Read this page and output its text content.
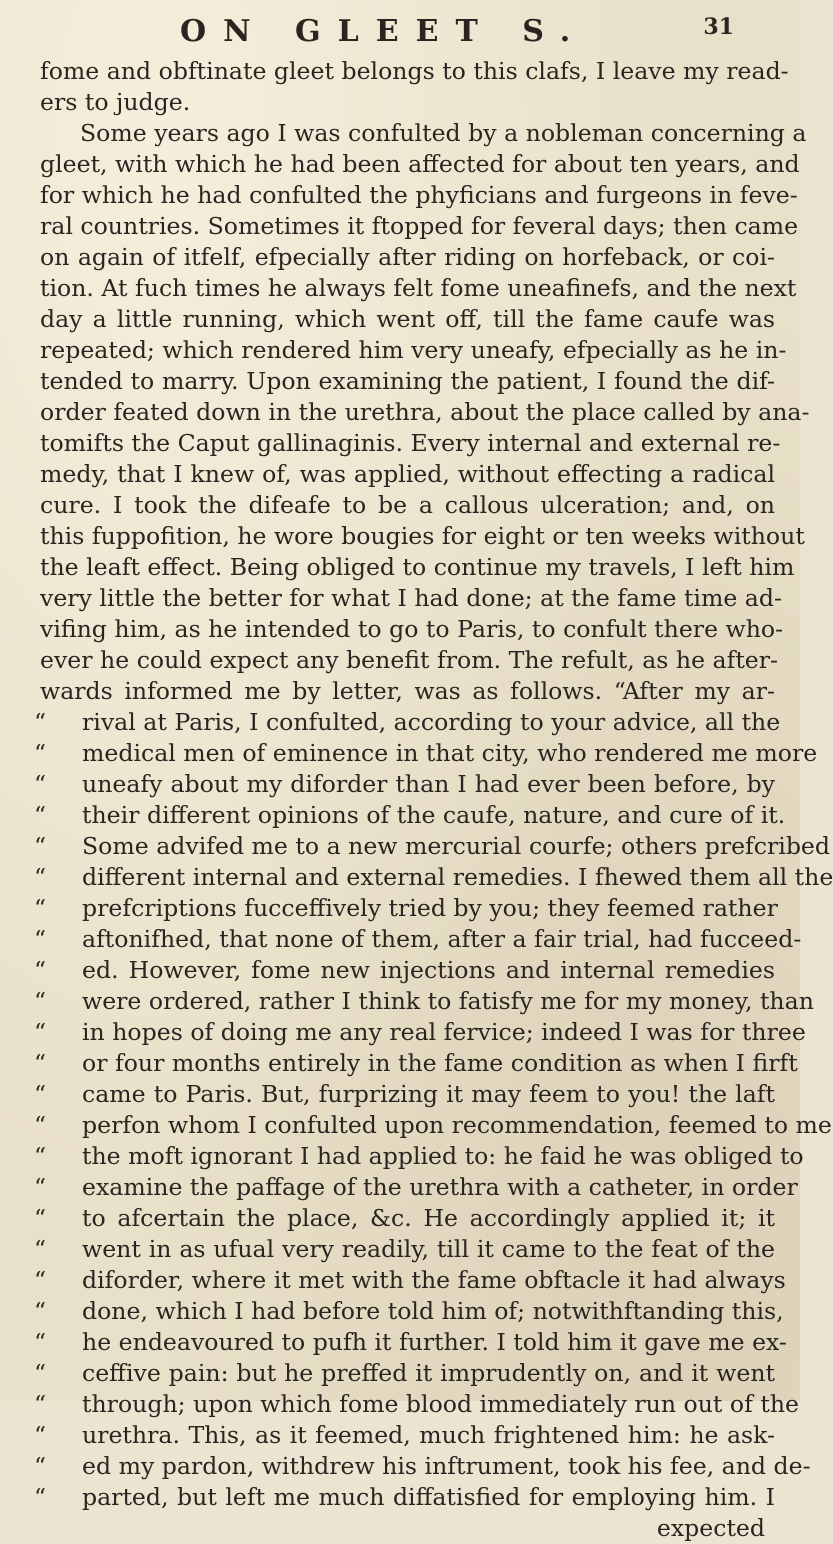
ON GLEET S.	31
fome and obftinate gleet belongs to this clafs, I leave my read-
ers to judge.
Some years ago I was confulted by a nobleman concerning a
gleet, with which he had been affected for about ten years, and
for which he had confulted the phyficians and furgeons in feve-
ral countries. Sometimes it ftopped for feveral days; then came
on again of itfelf, efpecially after riding on horfeback, or coi-
tion. At fuch times he always felt fome uneafinefs, and the next
day a little running, which went off, till the fame caufe was
repeated; which rendered him very uneafy, efpecially as he in-
tended to marry. Upon examining the patient, I found the dif-
order feated down in the urethra, about the place called by ana-
tomifts the Caput gallinaginis. Every internal and external re-
medy, that I knew of, was applied, without effecting a radical
cure. I took the difeafe to be a callous ulceration; and, on
this fuppofition, he wore bougies for eight or ten weeks without
the leaft effect. Being obliged to continue my travels, I left him
very little the better for what I had done; at the fame time ad-
vifing him, as he intended to go to Paris, to confult there who-
ever he could expect any benefit from. The refult, as he after-
wards informed me by letter, was as follows. “After my ar-
“	rival at Paris, I confulted, according to your advice, all the
“	medical men of eminence in that city, who rendered me more
“	uneafy about my diforder than I had ever been before, by
“	their different opinions of the caufe, nature, and cure of it.
“	Some advifed me to a new mercurial courfe; others prefcribed
“	different internal and external remedies. I fhewed them all the
“	prefcriptions fucceffively tried by you; they feemed rather
“	aftonifhed, that none of them, after a fair trial, had fucceed-
“	ed. However, fome new injections and internal remedies
“	were ordered, rather I think to fatisfy me for my money, than
“	in hopes of doing me any real fervice; indeed I was for three
“	or four months entirely in the fame condition as when I firft
“	came to Paris. But, furprizing it may feem to you! the laft
“	perfon whom I confulted upon recommendation, feemed to me
“	the moft ignorant I had applied to: he faid he was obliged to
“	examine the paffage of the urethra with a catheter, in order
“	to afcertain the place, &c. He accordingly applied it; it
“	went in as ufual very readily, till it came to the feat of the
“	diforder, where it met with the fame obftacle it had always
“	done, which I had before told him of; notwithftanding this,
“	he endeavoured to pufh it further. I told him it gave me ex-
“	ceffive pain: but he preffed it imprudently on, and it went
“	through; upon which fome blood immediately run out of the
“	urethra. This, as it feemed, much frightened him: he ask-
“	ed my pardon, withdrew his inftrument, took his fee, and de-
“	parted, but left me much diffatisfied for employing him. I
expected
